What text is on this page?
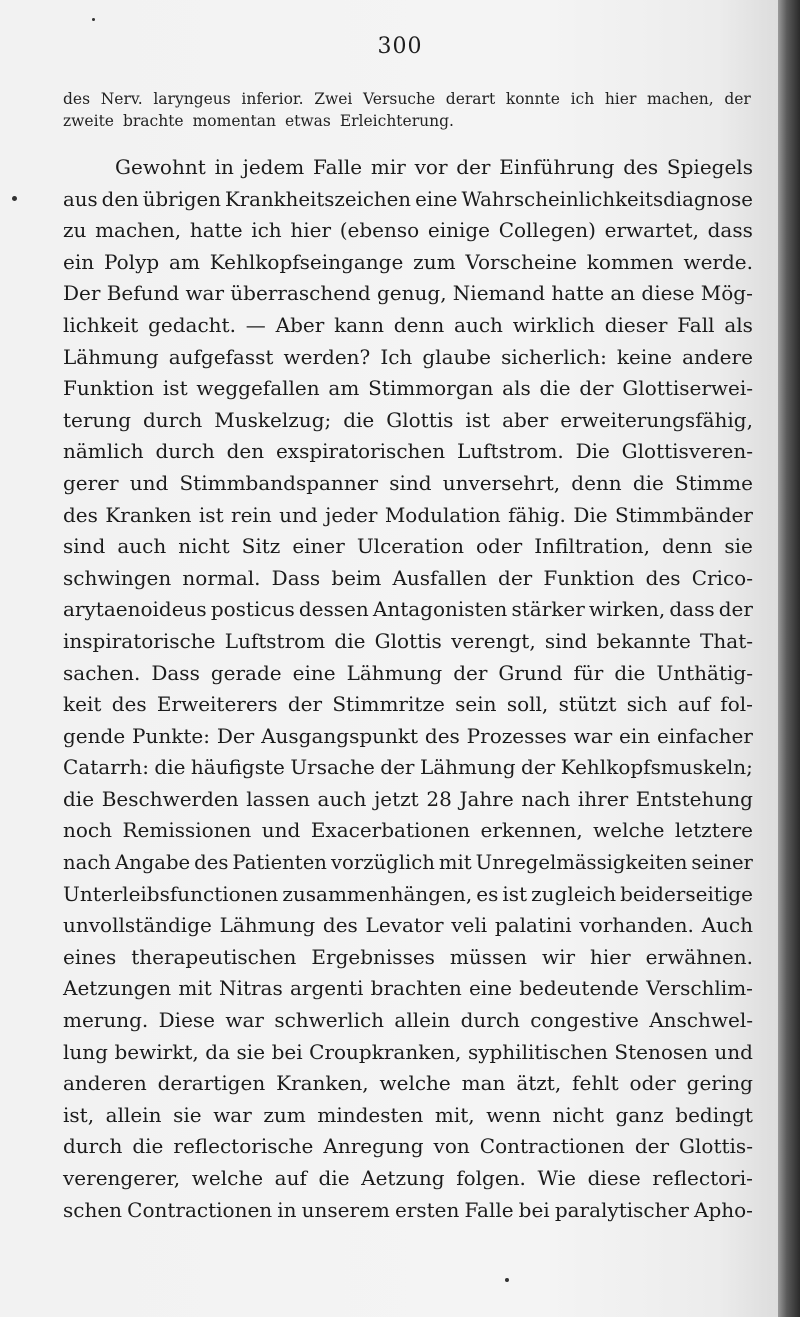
300
des Nerv. laryngeus inferior. Zwei Versuche derart konnte ich hier machen, der
zweite brachte momentan etwas Erleichterung.
Gewohnt in jedem Falle mir vor der Einführung des Spiegels
aus den übrigen Krankheitszeichen eine Wahrscheinlichkeitsdiagnose
zu machen, hatte ich hier (ebenso einige Collegen) erwartet, dass
ein Polyp am Kehlkopfseingange zum Vorscheine kommen werde.
Der Befund war überraschend genug, Niemand hatte an diese Mög-
lichkeit gedacht. — Aber kann denn auch wirklich dieser Fall als
Lähmung aufgefasst werden? Ich glaube sicherlich: keine andere
Funktion ist weggefallen am Stimmorgan als die der Glottiserwei-
terung durch Muskelzug; die Glottis ist aber erweiterungsfähig,
nämlich durch den exspiratorischen Luftstrom. Die Glottisveren-
gerer und Stimmbandspanner sind unversehrt, denn die Stimme
des Kranken ist rein und jeder Modulation fähig. Die Stimmbänder
sind auch nicht Sitz einer Ulceration oder Infiltration, denn sie
schwingen normal. Dass beim Ausfallen der Funktion des Crico-
arytaenoideus posticus dessen Antagonisten stärker wirken, dass der
inspiratorische Luftstrom die Glottis verengt, sind bekannte That-
sachen. Dass gerade eine Lähmung der Grund für die Unthätig-
keit des Erweiterers der Stimmritze sein soll, stützt sich auf fol-
gende Punkte: Der Ausgangspunkt des Prozesses war ein einfacher
Catarrh: die häufigste Ursache der Lähmung der Kehlkopfsmuskeln;
die Beschwerden lassen auch jetzt 28 Jahre nach ihrer Entstehung
noch Remissionen und Exacerbationen erkennen, welche letztere
nach Angabe des Patienten vorzüglich mit Unregelmässigkeiten seiner
Unterleibsfunctionen zusammenhängen, es ist zugleich beiderseitige
unvollständige Lähmung des Levator veli palatini vorhanden. Auch
eines therapeutischen Ergebnisses müssen wir hier erwähnen.
Aetzungen mit Nitras argenti brachten eine bedeutende Verschlim-
merung. Diese war schwerlich allein durch congestive Anschwel-
lung bewirkt, da sie bei Croupkranken, syphilitischen Stenosen und
anderen derartigen Kranken, welche man ätzt, fehlt oder gering
ist, allein sie war zum mindesten mit, wenn nicht ganz bedingt
durch die reflectorische Anregung von Contractionen der Glottis-
verengerer, welche auf die Aetzung folgen. Wie diese reflectori-
schen Contractionen in unserem ersten Falle bei paralytischer Apho-
